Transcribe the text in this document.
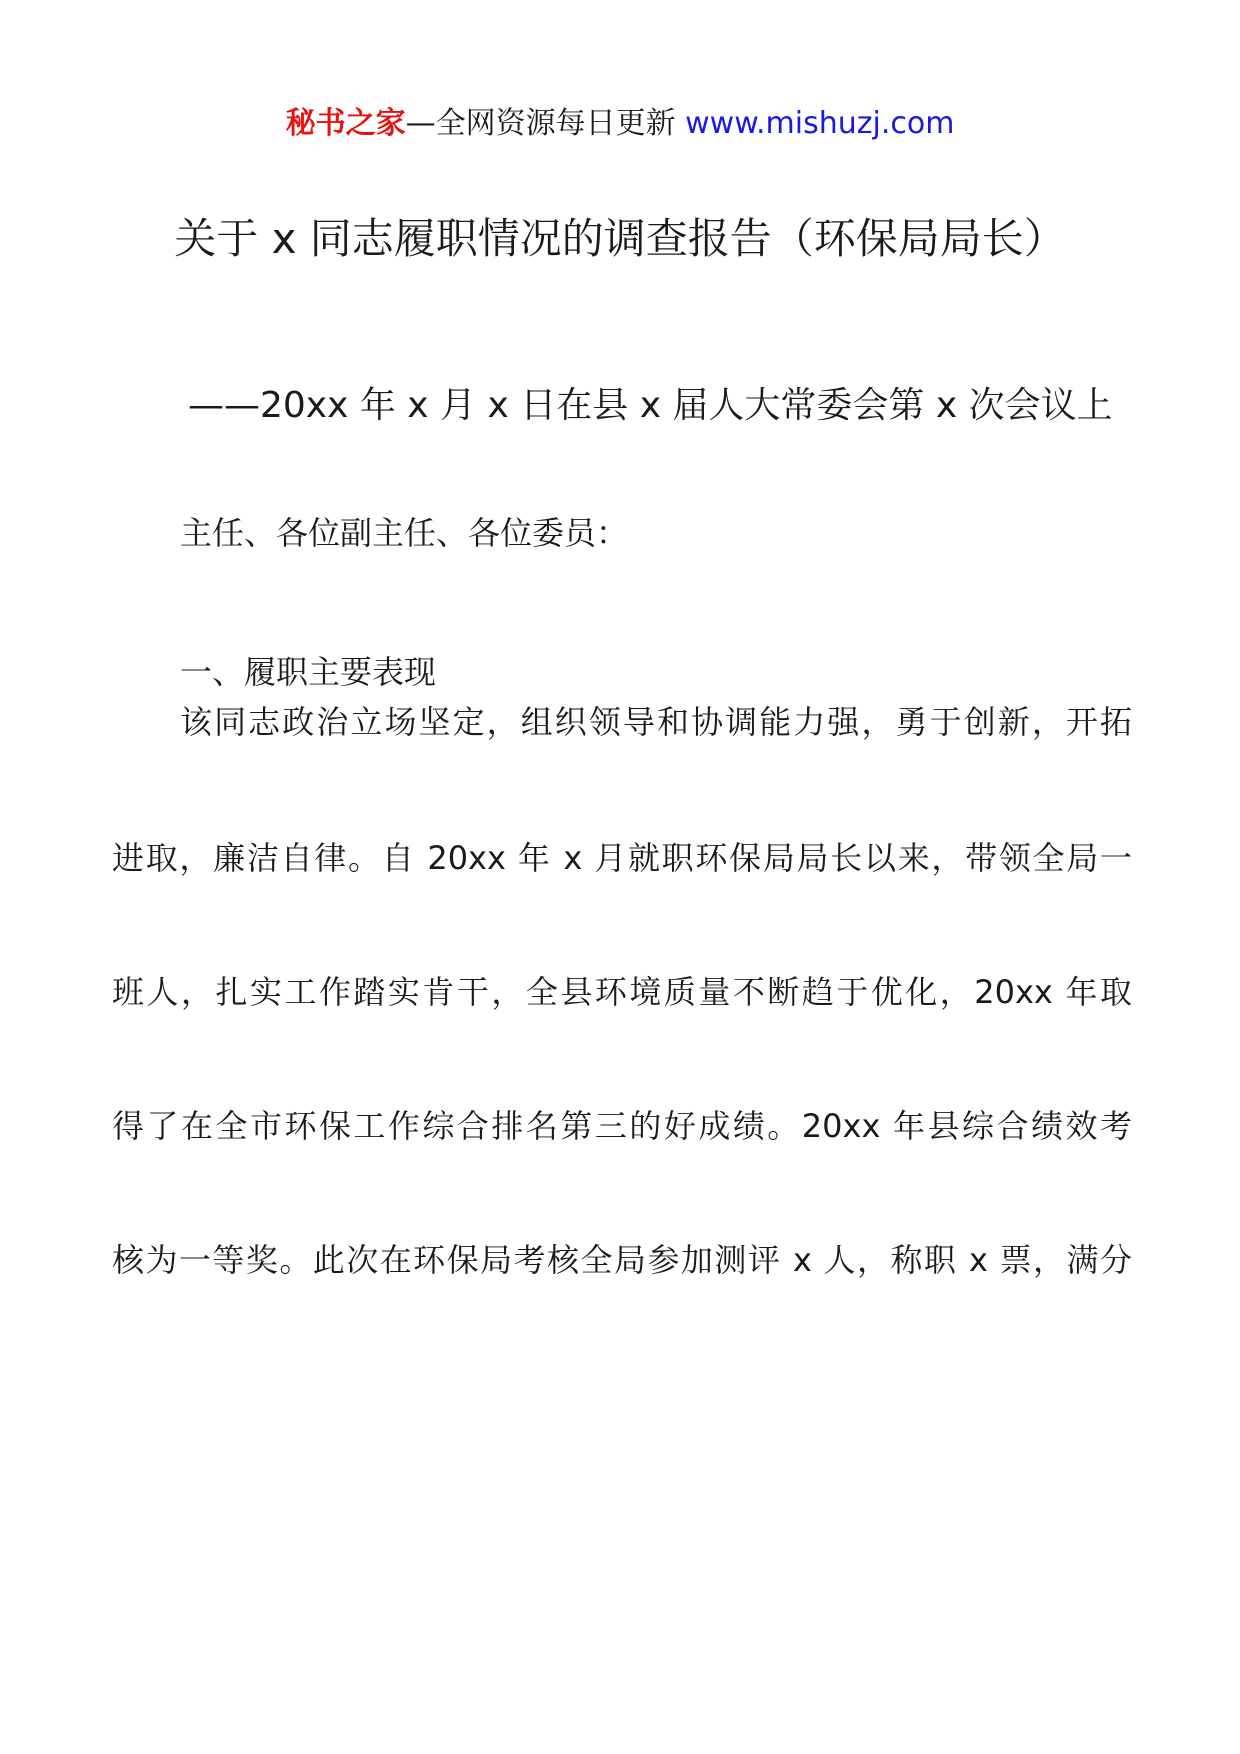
秘书之家—全网资源每日更新 www.mishuzj.com
关于 x 同志履职情况的调查报告（环保局局长）
——20xx 年 x 月 x 日在县 x 届人大常委会第 x 次会议上
主任、各位副主任、各位委员：
一、履职主要表现
该同志政治立场坚定，组织领导和协调能力强，勇于创新，开拓
进取，廉洁自律。自 20xx 年 x 月就职环保局局长以来，带领全局一
班人，扎实工作踏实肯干，全县环境质量不断趋于优化，20xx 年取
得了在全市环保工作综合排名第三的好成绩。20xx 年县综合绩效考
核为一等奖。此次在环保局考核全局参加测评 x 人，称职 x 票，满分
